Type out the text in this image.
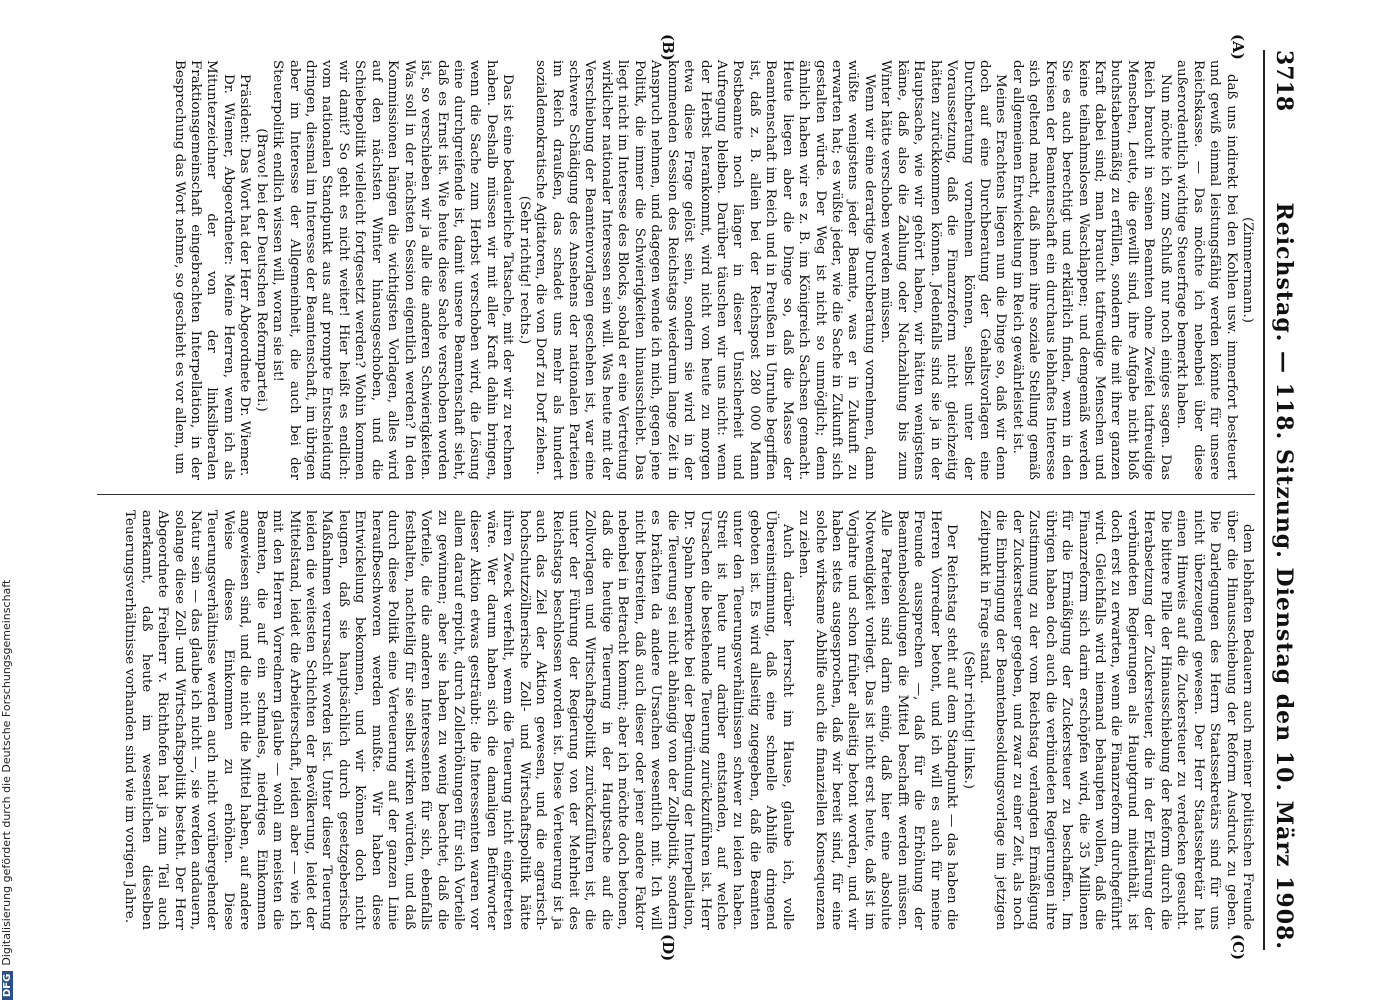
DFGDigitalisierung gefördert durch die Deutsche Forschungsgemeinschaft
3718
Reichstag. — 118. Sitzung. Dienstag den 10. März 1908.
(A)
(B)
(C)
(D)

(Zimmermann.)

daß uns indirekt bei den Kohlen usw. immerfort besteuert und gewiß einmal leistungsfähig werden könnte für unsere Reichskasse. — Das möchte ich nebenbei über diese außerordentlich wichtige Steuerfrage bemerkt haben.

Nun möchte ich zum Schluß nur noch einiges sagen. Das Reich braucht in seinen Beamten ohne Zweifel tatfreudige Menschen, Leute, die gewillt sind, ihre Aufgabe nicht bloß buchstabenmäßig zu erfüllen, sondern die mit ihrer ganzen Kraft dabei sind; man braucht tatfreudige Menschen und keine teilnahmslosen Waschlappen; und demgemäß werden Sie es auch berechtigt und erklärlich finden, wenn in den Kreisen der Beamtenschaft ein durchaus lebhaftes Interesse sich geltend macht, daß ihnen ihre soziale Stellung gemäß der allgemeinen Entwickelung im Reich gewährleistet ist.

Meines Erachtens liegen nun die Dinge so, daß wir denn doch auf eine Durchberatung der Gehaltsvorlagen eine Durchberatung vornehmen können, selbst unter der Voraussetzung, daß die Finanzreform nicht gleichzeitig hätten zurückkommen können. Jedenfalls sind sie ja in der Hauptsache, wie wir gehört haben, wir hätten wenigstens käme, daß also die Zahlung oder Nachzahlung bis zum Winter hätte verschoben werden müssen.

Wenn wir eine derartige Durchberatung vornehmen, dann wüßte wenigstens jeder Beamte, was er in Zukunft zu erwarten hat; es wüßte jeder, wie die Sache in Zukunft sich gestalten würde. Der Weg ist nicht so unmöglich; denn ähnlich haben wir es z. B. im Königreich Sachsen gemacht. Heute liegen aber die Dinge so, daß die Masse der Beamtenschaft im Reich und in Preußen in Unruhe begriffen ist, daß z. B. allein bei der Reichspost 280 000 Mann Postbeamte noch länger in dieser Unsicherheit und Aufregung bleiben. Darüber täuschen wir uns nicht: wenn der Herbst herankommt, wird nicht von heute zu morgen etwa diese Frage gelöst sein, sondern sie wird in der kommenden Session des Reichstags wiederum lange Zeit in Anspruch nehmen, und dagegen wende ich mich, gegen jene Politik, die immer die Schwierigkeiten hinausschiebt. Das liegt nicht im Interesse des Blocks, sobald er eine Vertretung wirklicher nationaler Interessen sein will. Was heute mit der Verschiebung der Beamtenvorlagen geschehen ist, war eine schwere Schädigung des Ansehens der nationalen Parteien im Reich draußen, das schadet uns mehr als hundert sozialdemokratische Agitatoren, die von Dorf zu Dorf ziehen.

(Sehr richtig! rechts.)

Das ist eine bedauerliche Tatsache, mit der wir zu rechnen haben. Deshalb müssen wir mit aller Kraft dahin bringen, wenn die Sache zum Herbst verschoben wird, die Lösung eine durchgreifende ist, damit unsere Beamtenschaft sieht, daß es Ernst ist. Wie heute diese Sache verschoben worden ist, so verschieben wir ja alle die anderen Schwierigkeiten. Was soll in der nächsten Session eigentlich werden? In den Kommissionen hängen die wichtigsten Vorlagen, alles wird auf den nächsten Winter hinausgeschoben, und die Schiebepolitik vielleicht fortgesetzt werden? Wohin kommen wir damit? So geht es nicht weiter! Hier heißt es endlich: vom nationalen Standpunkt aus auf prompte Entscheidung dringen, diesmal im Interesse der Beamtenschaft, im übrigen aber im Interesse der Allgemeinheit, die auch bei der Steuerpolitik endlich wissen will, woran sie ist!

(Bravo! bei der Deutschen Reformpartei.)

Präsident: Das Wort hat der Herr Abgeordnete Dr. Wiemer.

Dr. Wiemer, Abgeordneter: Meine Herren, wenn ich als Mitunterzeichner der von der linksliberalen Fraktionsgemeinschaft eingebrachten Interpellation, in der Besprechung das Wort nehme, so geschieht es vor allem, um

dem lebhaften Bedauern auch meiner politischen Freunde über die Hinausschiebung der Reform Ausdruck zu geben. Die Darlegungen des Herrn Staatssekretärs sind für uns nicht überzeugend gewesen. Der Herr Staatssekretär hat einen Hinweis auf die Zuckersteuer zu verdecken gesucht. Die bittere Pille der Hinausschiebung der Reform durch die Herabsetzung der Zuckersteuer, die in der Erklärung der verbündeten Regierungen als Hauptgrund mitenthält, ist doch erst zu erwarten, wenn die Finanzreform durchgeführt wird. Gleichfalls wird niemand behaupten wollen, daß die Finanzreform sich darin erschöpfen wird, die 35 Millionen für die Ermäßigung der Zuckersteuer zu beschaffen. Im übrigen haben doch auch die verbündeten Regierungen ihre Zustimmung zu der vom Reichstag verlangten Ermäßigung der Zuckersteuer gegeben, und zwar zu einer Zeit, als noch die Einbringung der Beamtenbesoldungsvorlage im jetzigen Zeitpunkt in Frage stand.

(Sehr richtig! links.)

Der Reichstag steht auf dem Standpunkt — das haben die Herren Vorredner betont, und ich will es auch für meine Freunde aussprechen —, daß für die Erhöhung der Beamtenbesoldungen die Mittel beschafft werden müssen. Alle Parteien sind darin einig, daß hier eine absolute Notwendigkeit vorliegt. Das ist nicht erst heute, daß ist im Vorjahre und schon früher allseitig betont worden, und wir haben stets ausgesprochen, daß wir bereit sind, für eine solche wirksame Abhilfe auch die finanziellen Konsequenzen zu ziehen.

Auch darüber herrscht im Hause, glaube ich, volle Übereinstimmung, daß eine schnelle Abhilfe dringend geboten ist. Es wird allseitig zugegeben, daß die Beamten unter den Teuerungsverhältnissen schwer zu leiden haben. Streit ist heute nur darüber entstanden, auf welche Ursachen die bestehende Teuerung zurückzuführen ist. Herr Dr. Spahn bemerkte bei der Begründung der Interpellation, die Teuerung sei nicht abhängig von der Zollpolitik, sondern es brächten da andere Ursachen wesentlich mit. Ich will nicht bestreiten, daß auch dieser oder jener andere Faktor nebenbei in Betracht kommt; aber ich möchte doch betonen, daß die heutige Teuerung in der Hauptsache auf die Zollvorlagen und Wirtschaftspolitik zurückzuführen ist, die unter der Führung der Regierung von der Mehrheit des Reichstags beschlossen worden ist. Diese Verteuerung ist ja auch das Ziel der Aktion gewesen, und die agrarisch-hochschutzzöllnerische Zoll- und Wirtschaftspolitik hätte ihren Zweck verfehlt, wenn die Teuerung nicht eingetreten wäre. Wer darum haben sich die damaligen Befürworter dieser Aktion etwas gesträubt: die Interessenten waren vor allem darauf erpicht, durch Zollerhöhungen für sich Vorteile zu gewinnen; aber sie haben zu wenig beachtet, daß die Vorteile, die die anderen Interessenten für sich, ebenfalls festhalten, nachteilig für sie selbst wirken würden, und daß durch diese Politik eine Verteuerung auf der ganzen Linie heraufbeschworen werden mußte. Wir haben diese Entwickelung bekommen, und wir können doch nicht leugnen, daß sie hauptsächlich durch gesetzgeberische Maßnahmen verursacht worden ist. Unter dieser Teuerung leiden die weitesten Schichten der Bevölkerung, leidet der Mittelstand, leidet die Arbeiterschaft, leiden aber — wie ich mit den Herren Vorrednern glaube — wohl am meisten die Beamten, die auf ein schmales, niedriges Einkommen angewiesen sind, und die nicht die Mittel haben, auf andere Weise dieses Einkommen zu erhöhen. Diese Teuerungsverhältnisse werden auch nicht vorübergehender Natur sein — das glaube ich nicht —, sie werden andauern, solange diese Zoll- und Wirtschaftspolitik besteht. Der Herr Abgeordnete Freiherr v. Richthofen hat ja zum Teil auch anerkannt, daß heute im wesentlichen dieselben Teuerungsverhältnisse vorhanden sind wie im vorigen Jahre.
